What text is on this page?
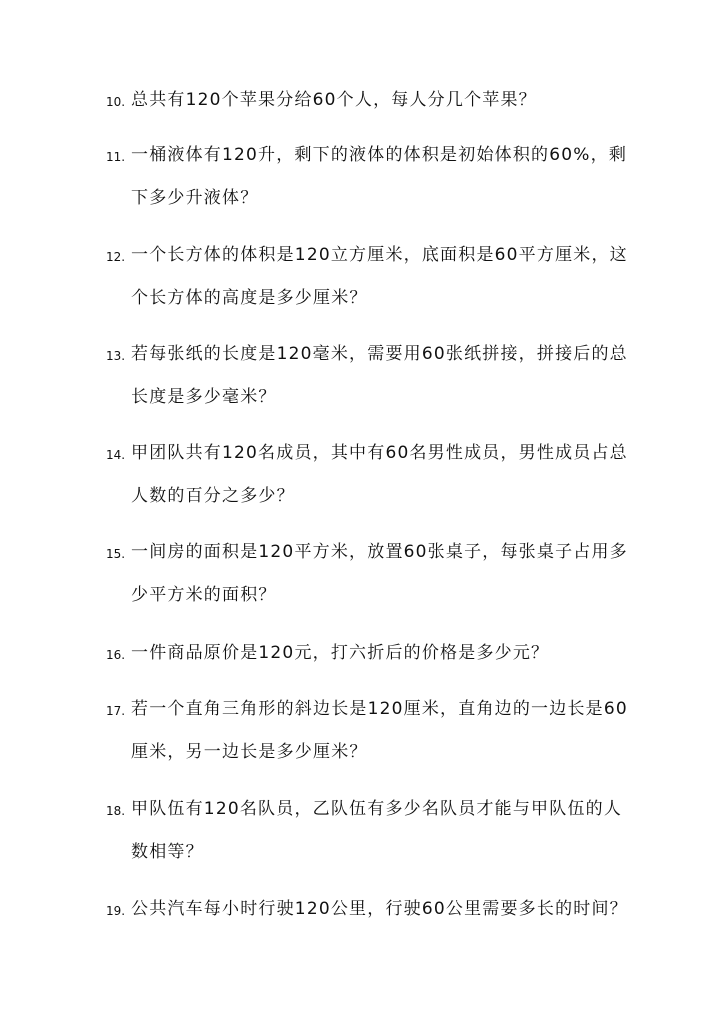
10. 总共有120个苹果分给60个人，每人分几个苹果？
11. 一桶液体有120升，剩下的液体的体积是初始体积的60%，剩
下多少升液体？
12. 一个长方体的体积是120立方厘米，底面积是60平方厘米，这
个长方体的高度是多少厘米？
13. 若每张纸的长度是120毫米，需要用60张纸拼接，拼接后的总
长度是多少毫米？
14. 甲团队共有120名成员，其中有60名男性成员，男性成员占总
人数的百分之多少？
15. 一间房的面积是120平方米，放置60张桌子，每张桌子占用多
少平方米的面积？
16. 一件商品原价是120元，打六折后的价格是多少元？
17. 若一个直角三角形的斜边长是120厘米，直角边的一边长是60
厘米，另一边长是多少厘米？
18. 甲队伍有120名队员，乙队伍有多少名队员才能与甲队伍的人
数相等？
19. 公共汽车每小时行驶120公里，行驶60公里需要多长的时间？
